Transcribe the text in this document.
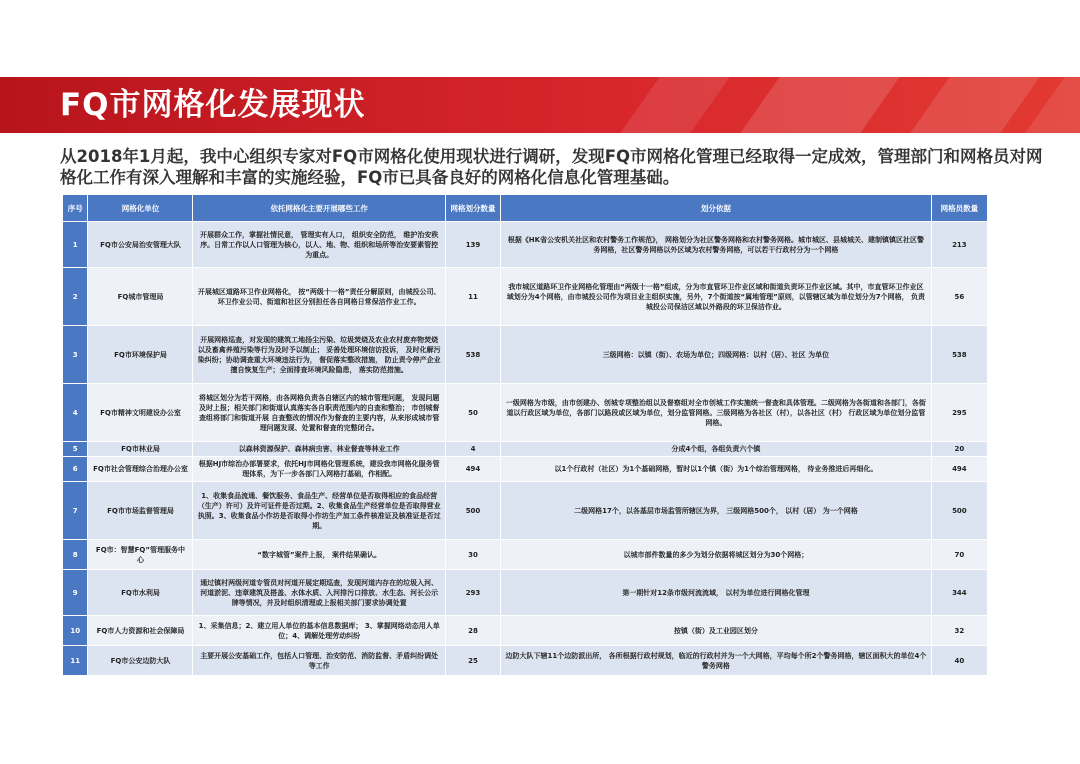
FQ市网格化发展现状

从2018年1月起，我中心组织专家对FQ市网格化使用现状进行调研，发现FQ市网格化管理已经取得一定成效，管理部门和网格员对网格化工作有深入理解和丰富的实施经验，FQ市已具备良好的网格化信息化管理基础。

序号	网格化单位	依托网格化主要开展哪些工作	网格划分数量	划分依据	网格员数量
1	FQ市公安局治安管理大队	开展群众工作，掌握社情民意， 管理实有人口， 组织安全防范， 维护治安秩序。日常工作以人口管理为核心，以人、地、物、组织和场所等治安要素管控为重点。	139	根据《HK省公安机关社区和农村警务工作规范》， 网格划分为社区警务网格和农村警务网格。城市城区、县城城关、建制镇镇区社区警务网格，社区警务网格以外区域为农村警务网格，可以若干行政村分为一个网格	213
2	FQ城市管理局	开展城区道路环卫作业网格化， 按“两级十一格”责任分解原则，由城投公司、环卫作业公司、街道和社区分别担任各自网格日常保洁作业工作。	11	我市城区道路环卫作业网格化管理由“两级十一格”组成，分为市直管环卫作业区域和街道负责环卫作业区域。其中，市直管环卫作业区域划分为4个网格，由市城投公司作为项目业主组织实施，另外，7个街道按“属地管理”原则，以管辖区域为单位划分为7个网格， 负责城投公司保洁区域以外路段的环卫保洁作业。	56
3	FQ市环境保护局	开展网格巡查，对发现的建筑工地扬尘污染、垃圾焚烧及农业农村废弃物焚烧以及畜禽养殖污染等行为及时予以制止； 妥善处理环境信访投诉， 及时化解污染纠纷；协助调查重大环境违法行为， 督促落实整改措施， 防止责令停产企业擅自恢复生产；全面排查环境风险隐患， 落实防范措施。	538	三级网格：以镇（街）、农场为单位；四级网格：以村（居）、社区 为单位	538
4	FQ市精神文明建设办公室	将城区划分为若干网格，由各网格负责各自辖区内的城市管理问题， 发现问题及时上报；相关部门和街道认真落实各自职责范围内的自查和整治； 市创城督查组将部门和街道开展 自查整改的情况作为督查的主要内容，从来形成城市管理问题发现、处置和督查的完整闭合。	50	一级网格为市级，由市创建办、创城专项整治组以及督察组对全市创城工作实施统一督查和具体管理。二级网格为各街道和各部门，各街道以行政区域为单位，各部门以路段或区域为单位，划分监管网格。三级网格为各社区（村），以各社区（村） 行政区域为单位划分监管网格。	295
5	FQ市林业局	以森林资源保护、森林病虫害、林业督查等林业工作	4	分成4个组，各组负责六个镇	20
6	FQ市社会管理综合治理办公室	根据HJ市综治办部署要求，依托HJ市网格化管理系统，建设我市网格化服务管理体系，为下一步各部门入网格打基础，作相配。	494	以1个行政村（社区）为1个基础网格，暂时以1个镇（街）为1个综治管理网格， 待业务推进后再细化。	494
7	FQ市市场监督管理局	1、收集食品流通、餐饮服务、食品生产、经营单位是否取得相应的食品经营（生产）许可）及许可证件是否过期。2、收集食品生产经营单位是否取得营业执照。3、收集食品小作坊是否取得小作坊生产加工条件核准证及核准证是否过期。	500	二级网格17个，以各基层市场监管所辖区为界， 三级网格500个， 以村（居） 为一个网格	500
8	FQ市：智慧FQ”管理服务中心	“数字城管”案件上报， 案件结果确认。	30	以城市部件数量的多少为划分依据将城区划分为30个网格；	70
9	FQ市水利局	通过镇村两级河道专管员对河道开展定期巡查，发现河道内存在的垃圾入河、河道淤泥、违章建筑及搭盖、水体水质、入河排污口排放、水生态、河长公示牌等情况，并及时组织清理或上报相关部门要求协调处置	293	第一期针对12条市级河流流域， 以村为单位进行网格化管理	344
10	FQ市人力资源和社会保障局	1、采集信息；2、建立用人单位的基本信息数据库； 3、掌握网络动态用人单位；4、调解处理劳动纠纷	28	按镇（街）及工业园区划分	32
11	FQ市公安边防大队	主要开展公安基础工作，包括人口管理、治安防范、消防监督、矛盾纠纷调处等工作	25	边防大队下辖11个边防派出所， 各所根据行政村规划，临近的行政村并为一个大网格，平均每个所2个警务网格，辖区面积大的单位4个警务网格	40
